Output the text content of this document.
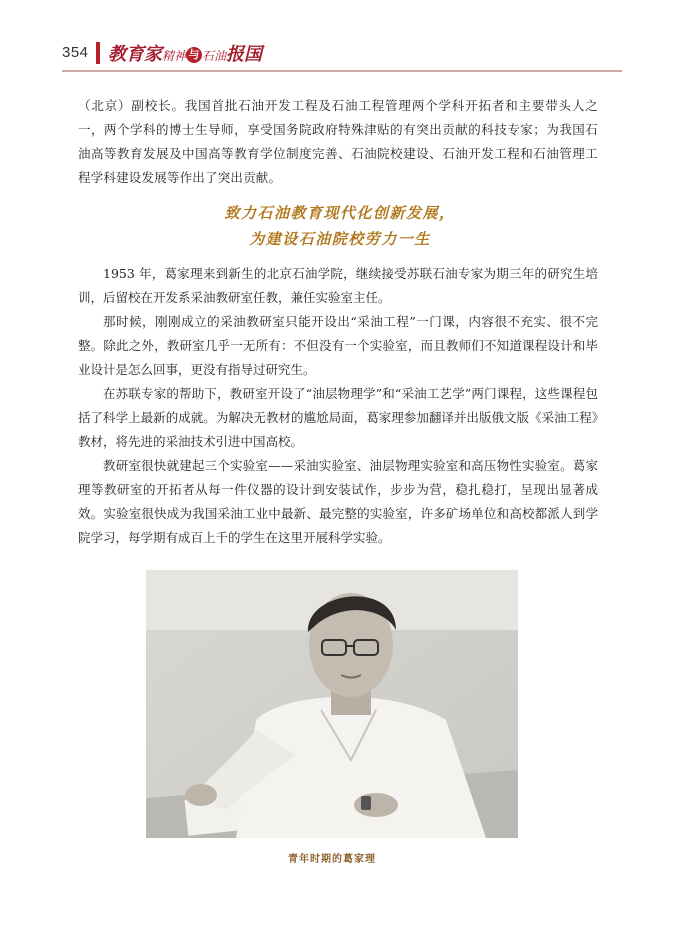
354 教育家精神 与 石油报国
（北京）副校长。我国首批石油开发工程及石油工程管理两个学科开拓者和主要带头人之一，两个学科的博士生导师，享受国务院政府特殊津贴的有突出贡献的科技专家；为我国石油高等教育发展及中国高等教育学位制度完善、石油院校建设、石油开发工程和石油管理工程学科建设发展等作出了突出贡献。
致力石油教育现代化创新发展，
为建设石油院校劳力一生

1953 年，葛家理来到新生的北京石油学院，继续接受苏联石油专家为期三年的研究生培训，后留校在开发系采油教研室任教，兼任实验室主任。

那时候，刚刚成立的采油教研室只能开设出“采油工程”一门课，内容很不充实、很不完整。除此之外，教研室几乎一无所有：不但没有一个实验室，而且教师们不知道课程设计和毕业设计是怎么回事，更没有指导过研究生。

在苏联专家的帮助下，教研室开设了“油层物理学”和“采油工艺学”两门课程，这些课程包括了科学上最新的成就。为解决无教材的尴尬局面，葛家理参加翻译并出版俄文版《采油工程》教材，将先进的采油技术引进中国高校。

教研室很快就建起三个实验室——采油实验室、油层物理实验室和高压物性实验室。葛家理等教研室的开拓者从每一件仪器的设计到安装试作，步步为营，稳扎稳打，呈现出显著成效。实验室很快成为我国采油工业中最新、最完整的实验室，许多矿场单位和高校都派人到学院学习，每学期有成百上千的学生在这里开展科学实验。

青年时期的葛家理
